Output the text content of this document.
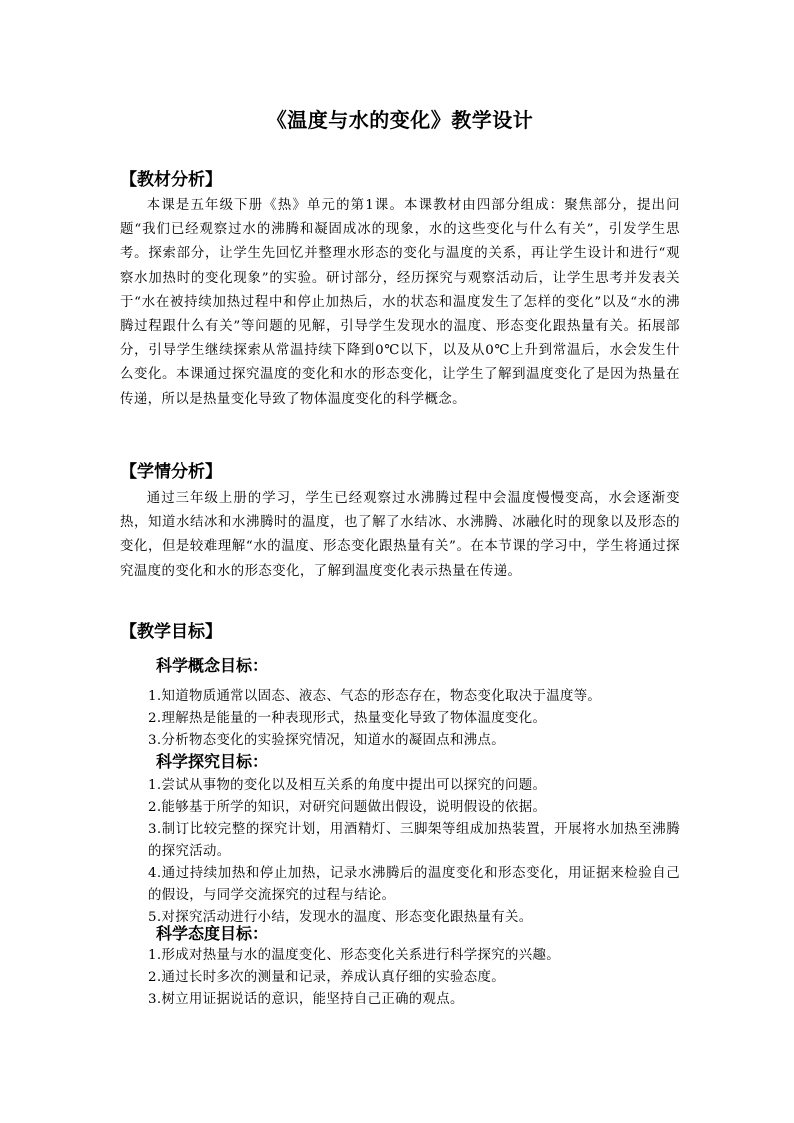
《温度与水的变化》教学设计
【教材分析】

本课是五年级下册《热》单元的第1课。本课教材由四部分组成：聚焦部分，提出问题“我们已经观察过水的沸腾和凝固成冰的现象，水的这些变化与什么有关”，引发学生思考。探索部分，让学生先回忆并整理水形态的变化与温度的关系，再让学生设计和进行“观察水加热时的变化现象”的实验。研讨部分，经历探究与观察活动后，让学生思考并发表关于“水在被持续加热过程中和停止加热后，水的状态和温度发生了怎样的变化”以及“水的沸腾过程跟什么有关”等问题的见解，引导学生发现水的温度、形态变化跟热量有关。拓展部分，引导学生继续探索从常温持续下降到0℃以下，以及从0℃上升到常温后，水会发生什么变化。本课通过探究温度的变化和水的形态变化，让学生了解到温度变化了是因为热量在传递，所以是热量变化导致了物体温度变化的科学概念。

【学情分析】

通过三年级上册的学习，学生已经观察过水沸腾过程中会温度慢慢变高，水会逐渐变热，知道水结冰和水沸腾时的温度，也了解了水结冰、水沸腾、冰融化时的现象以及形态的变化，但是较难理解“水的温度、形态变化跟热量有关”。在本节课的学习中，学生将通过探究温度的变化和水的形态变化，了解到温度变化表示热量在传递。

【教学目标】
科学概念目标：
1.知道物质通常以固态、液态、气态的形态存在，物态变化取决于温度等。
2.理解热是能量的一种表现形式，热量变化导致了物体温度变化。
3.分析物态变化的实验探究情况，知道水的凝固点和沸点。
科学探究目标：
1.尝试从事物的变化以及相互关系的角度中提出可以探究的问题。
2.能够基于所学的知识，对研究问题做出假设，说明假设的依据。
3.制订比较完整的探究计划，用酒精灯、三脚架等组成加热装置，开展将水加热至沸腾的探究活动。
4.通过持续加热和停止加热，记录水沸腾后的温度变化和形态变化，用证据来检验自己的假设，与同学交流探究的过程与结论。
5.对探究活动进行小结，发现水的温度、形态变化跟热量有关。
科学态度目标：
1.形成对热量与水的温度变化、形态变化关系进行科学探究的兴趣。
2.通过长时多次的测量和记录，养成认真仔细的实验态度。
3.树立用证据说话的意识，能坚持自己正确的观点。
